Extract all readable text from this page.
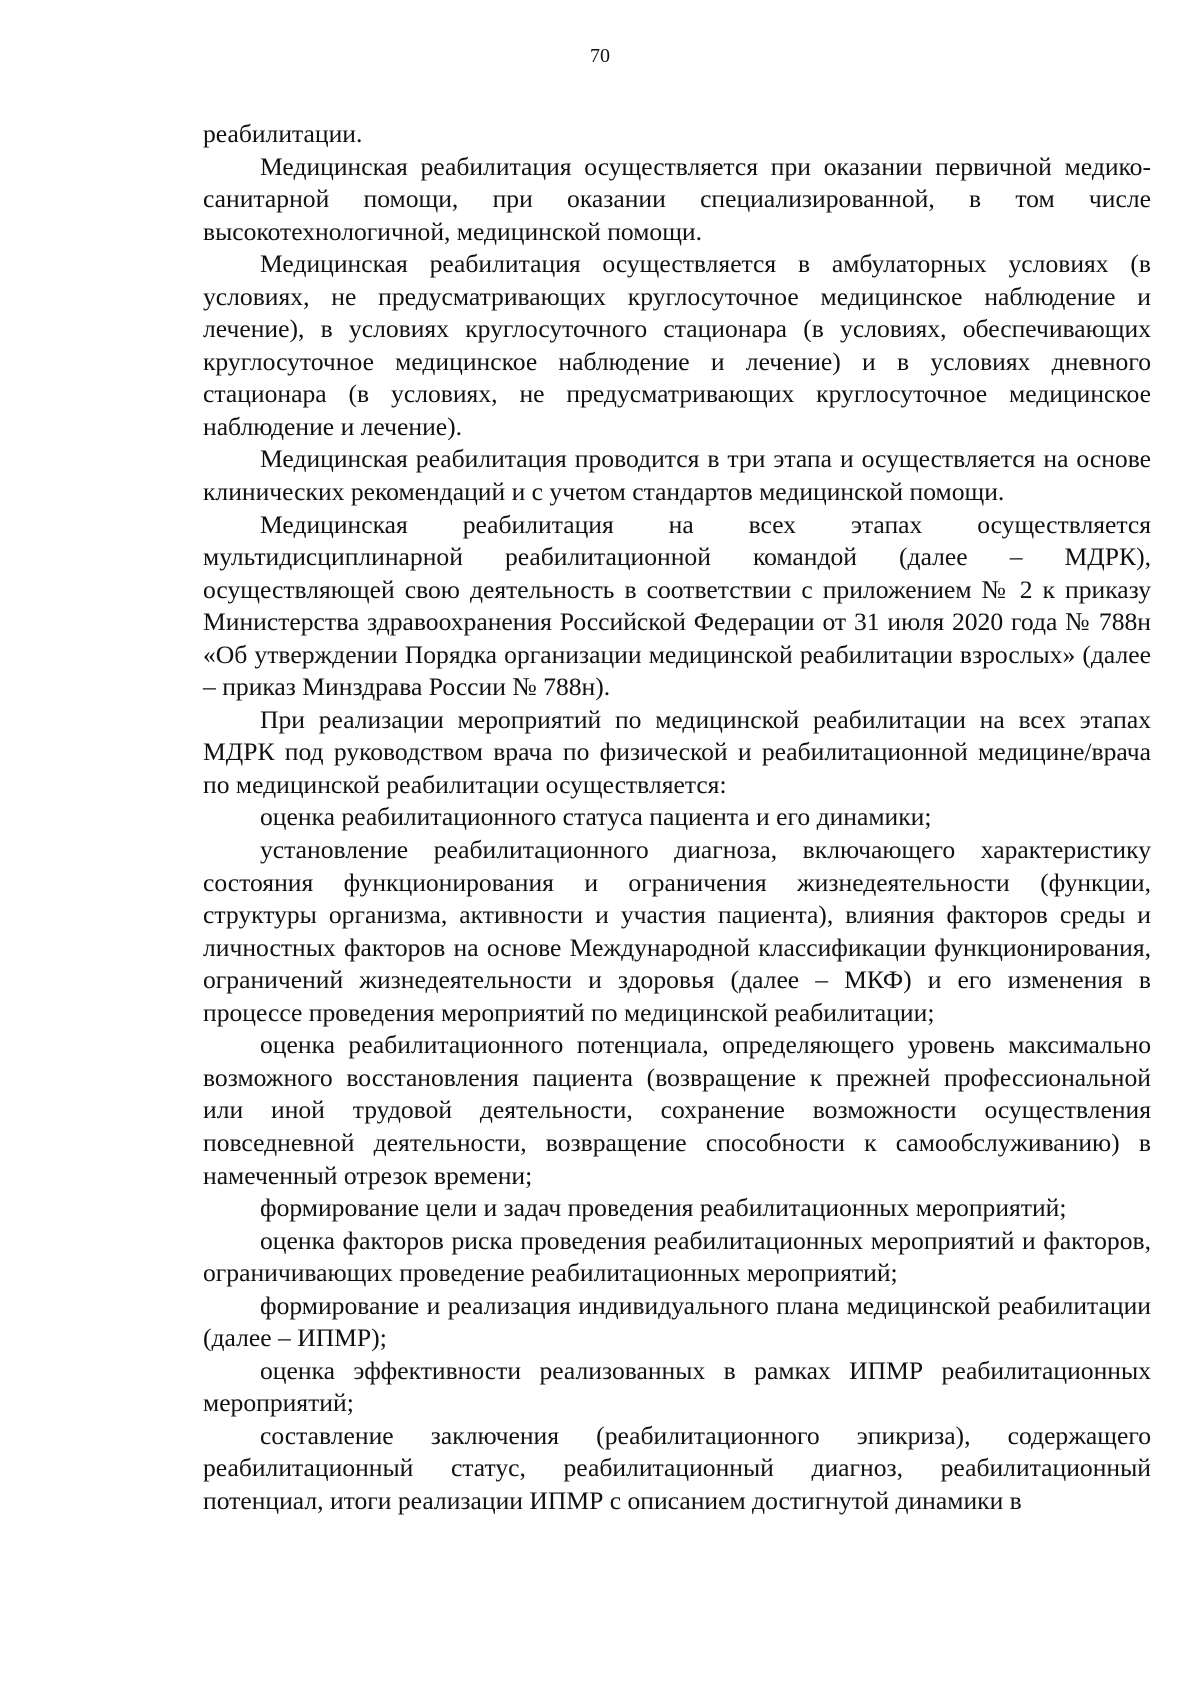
70

реабилитации.

Медицинская реабилитация осуществляется при оказании первичной медико-санитарной помощи, при оказании специализированной, в том числе высокотехнологичной, медицинской помощи.

Медицинская реабилитация осуществляется в амбулаторных условиях (в условиях, не предусматривающих круглосуточное медицинское наблюдение и лечение), в условиях круглосуточного стационара (в условиях, обеспечивающих круглосуточное медицинское наблюдение и лечение) и в условиях дневного стационара (в условиях, не предусматривающих круглосуточное медицинское наблюдение и лечение).

Медицинская реабилитация проводится в три этапа и осуществляется на основе клинических рекомендаций и с учетом стандартов медицинской помощи.

Медицинская реабилитация на всех этапах осуществляется мультидисциплинарной реабилитационной командой (далее – МДРК), осуществляющей свою деятельность в соответствии с приложением № 2 к приказу Министерства здравоохранения Российской Федерации от 31 июля 2020 года № 788н «Об утверждении Порядка организации медицинской реабилитации взрослых» (далее – приказ Минздрава России № 788н).

При реализации мероприятий по медицинской реабилитации на всех этапах МДРК под руководством врача по физической и реабилитационной медицине/врача по медицинской реабилитации осуществляется:

оценка реабилитационного статуса пациента и его динамики;

установление реабилитационного диагноза, включающего характеристику состояния функционирования и ограничения жизнедеятельности (функции, структуры организма, активности и участия пациента), влияния факторов среды и личностных факторов на основе Международной классификации функционирования, ограничений жизнедеятельности и здоровья (далее – МКФ) и его изменения в процессе проведения мероприятий по медицинской реабилитации;

оценка реабилитационного потенциала, определяющего уровень максимально возможного восстановления пациента (возвращение к прежней профессиональной или иной трудовой деятельности, сохранение возможности осуществления повседневной деятельности, возвращение способности к самообслуживанию) в намеченный отрезок времени;

формирование цели и задач проведения реабилитационных мероприятий;

оценка факторов риска проведения реабилитационных мероприятий и факторов, ограничивающих проведение реабилитационных мероприятий;

формирование и реализация индивидуального плана медицинской реабилитации (далее – ИПМР);

оценка эффективности реализованных в рамках ИПМР реабилитационных мероприятий;

составление заключения (реабилитационного эпикриза), содержащего реабилитационный статус, реабилитационный диагноз, реабилитационный потенциал, итоги реализации ИПМР с описанием достигнутой динамики в
